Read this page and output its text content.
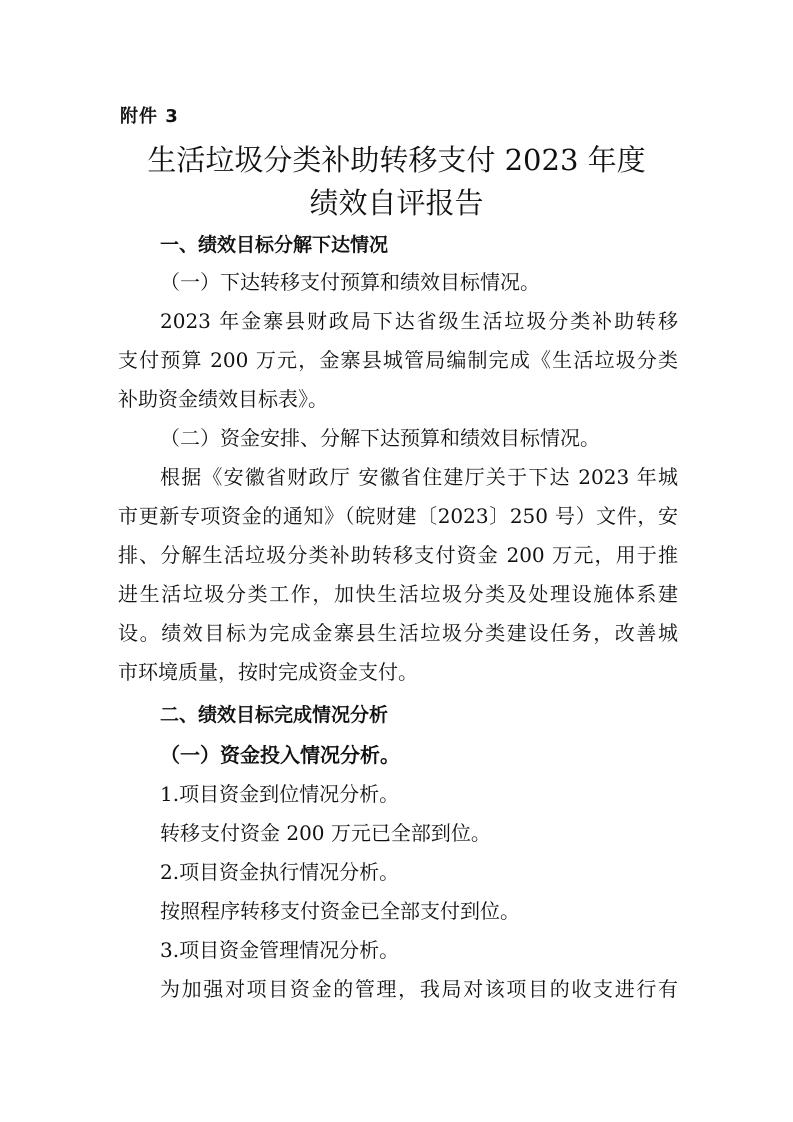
附件 3
生活垃圾分类补助转移支付 2023 年度
绩效自评报告
一、绩效目标分解下达情况
（一）下达转移支付预算和绩效目标情况。
2023 年金寨县财政局下达省级生活垃圾分类补助转移
支付预算 200 万元，金寨县城管局编制完成《生活垃圾分类
补助资金绩效目标表》。
（二）资金安排、分解下达预算和绩效目标情况。
根据《安徽省财政厅 安徽省住建厅关于下达 2023 年城
市更新专项资金的通知》（皖财建〔2023〕250 号）文件，安
排、分解生活垃圾分类补助转移支付资金 200 万元，用于推
进生活垃圾分类工作，加快生活垃圾分类及处理设施体系建
设。绩效目标为完成金寨县生活垃圾分类建设任务，改善城
市环境质量，按时完成资金支付。
二、绩效目标完成情况分析
（一）资金投入情况分析。
1.项目资金到位情况分析。
转移支付资金 200 万元已全部到位。
2.项目资金执行情况分析。
按照程序转移支付资金已全部支付到位。
3.项目资金管理情况分析。
为加强对项目资金的管理，我局对该项目的收支进行有
